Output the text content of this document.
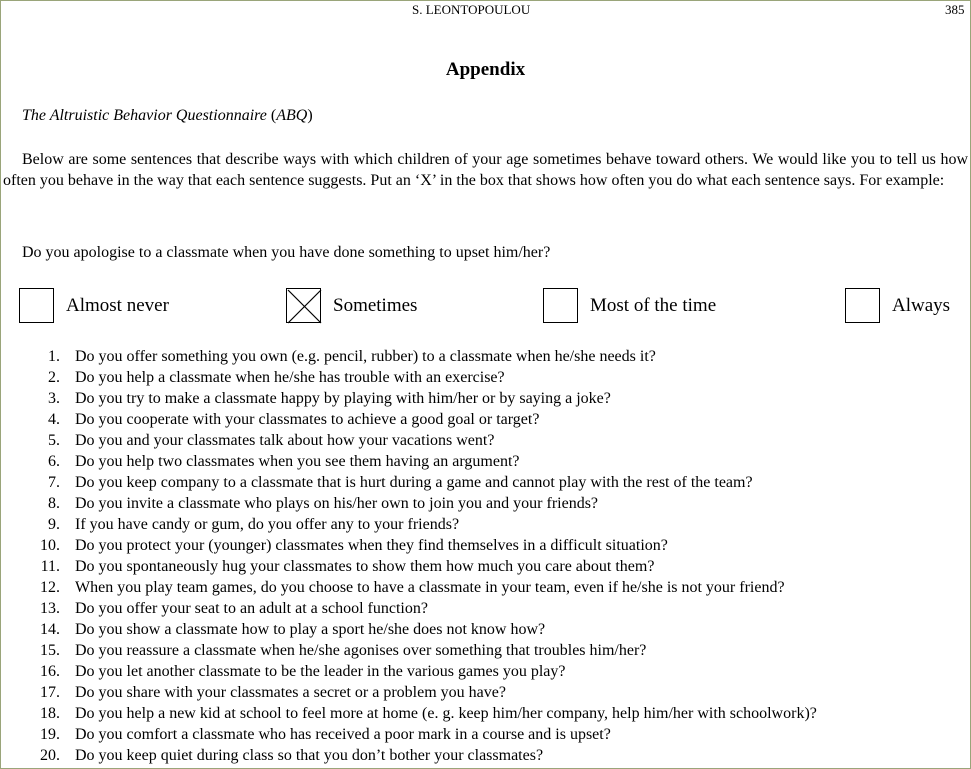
S. LEONTOPOULOU	385
Appendix
The Altruistic Behavior Questionnaire (ABQ)
Below are some sentences that describe ways with which children of your age sometimes behave toward others. We would like you to tell us how often you behave in the way that each sentence suggests. Put an ‘X’ in the box that shows how often you do what each sentence says. For example:
Do you apologise to a classmate when you have done something to upset him/her?
Almost never	Sometimes	Most of the time	Always
1. Do you offer something you own (e.g. pencil, rubber) to a classmate when he/she needs it?
2. Do you help a classmate when he/she has trouble with an exercise?
3. Do you try to make a classmate happy by playing with him/her or by saying a joke?
4. Do you cooperate with your classmates to achieve a good goal or target?
5. Do you and your classmates talk about how your vacations went?
6. Do you help two classmates when you see them having an argument?
7. Do you keep company to a classmate that is hurt during a game and cannot play with the rest of the team?
8. Do you invite a classmate who plays on his/her own to join you and your friends?
9. If you have candy or gum, do you offer any to your friends?
10. Do you protect your (younger) classmates when they find themselves in a difficult situation?
11. Do you spontaneously hug your classmates to show them how much you care about them?
12. When you play team games, do you choose to have a classmate in your team, even if he/she is not your friend?
13. Do you offer your seat to an adult at a school function?
14. Do you show a classmate how to play a sport he/she does not know how?
15. Do you reassure a classmate when he/she agonises over something that troubles him/her?
16. Do you let another classmate to be the leader in the various games you play?
17. Do you share with your classmates a secret or a problem you have?
18. Do you help a new kid at school to feel more at home (e. g. keep him/her company, help him/her with schoolwork)?
19. Do you comfort a classmate who has received a poor mark in a course and is upset?
20. Do you keep quiet during class so that you don’t bother your classmates?
